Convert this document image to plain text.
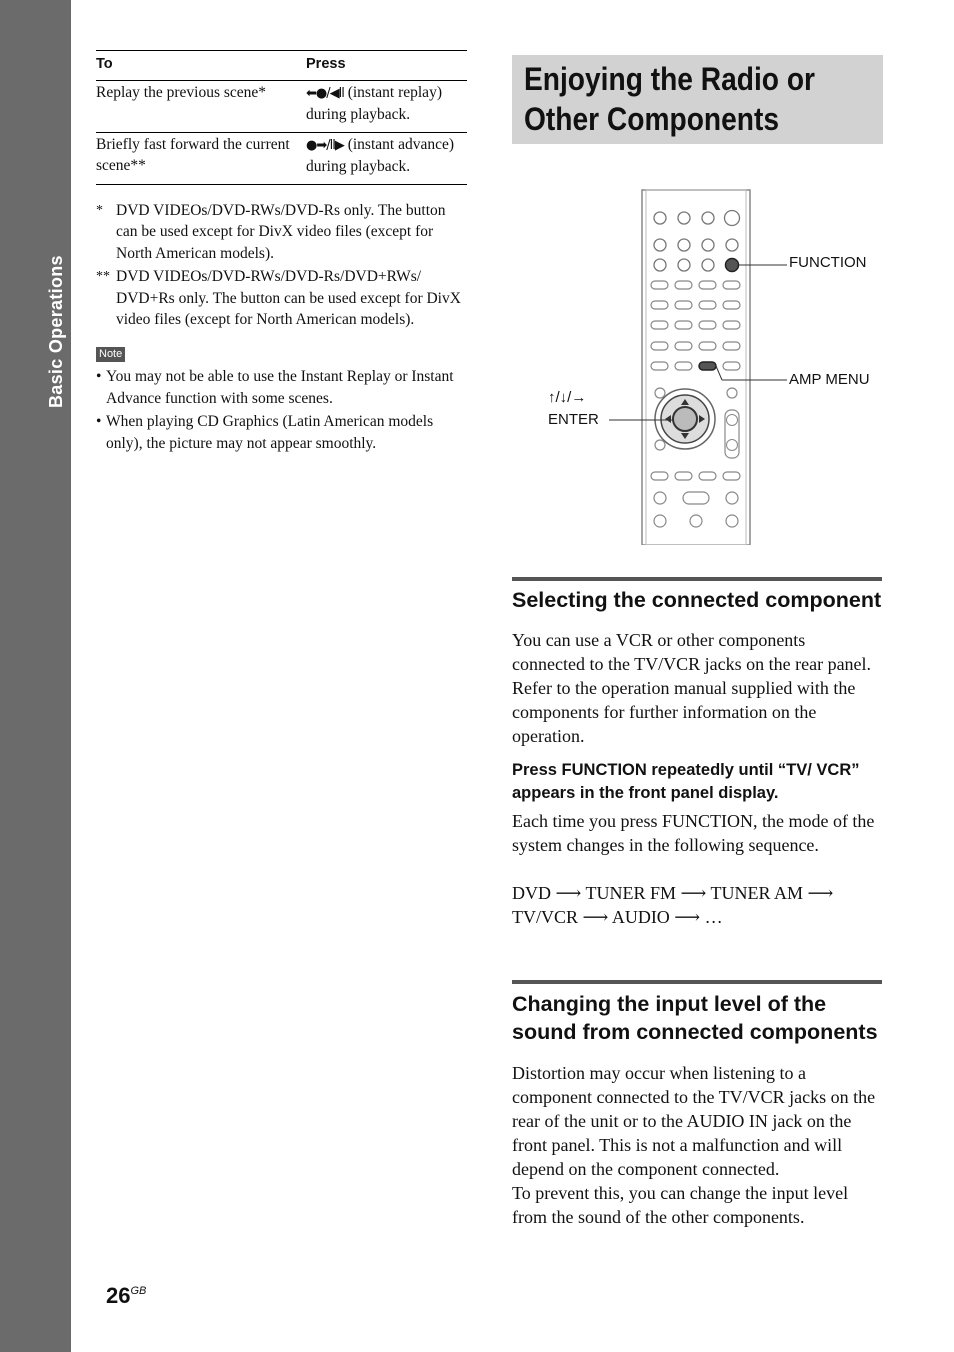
Basic Operations
To	Press
Replay the previous scene*	⬅●/◀ll (instant replay) during playback.
Briefly fast forward the current scene**	●➡/ll▶ (instant advance) during playback.
* DVD VIDEOs/DVD-RWs/DVD-Rs only. The button can be used except for DivX video files (except for North American models).
** DVD VIDEOs/DVD-RWs/DVD-Rs/DVD+RWs/ DVD+Rs only. The button can be used except for DivX video files (except for North American models).
Note
• You may not be able to use the Instant Replay or Instant Advance function with some scenes.
• When playing CD Graphics (Latin American models only), the picture may not appear smoothly.
Enjoying the Radio or Other Components
FUNCTION
AMP MENU
↑/↓/→
ENTER
Selecting the connected component

You can use a VCR or other components connected to the TV/VCR jacks on the rear panel. Refer to the operation manual supplied with the components for further information on the operation.

Press FUNCTION repeatedly until “TV/ VCR” appears in the front panel display.

Each time you press FUNCTION, the mode of the system changes in the following sequence.

DVD ⟶ TUNER FM ⟶ TUNER AM ⟶

TV/VCR ⟶ AUDIO ⟶ …

Changing the input level of the sound from connected components

Distortion may occur when listening to a component connected to the TV/VCR jacks on the rear of the unit or to the AUDIO IN jack on the front panel. This is not a malfunction and will depend on the component connected.

To prevent this, you can change the input level from the sound of the other components.

$26^{GB}$
